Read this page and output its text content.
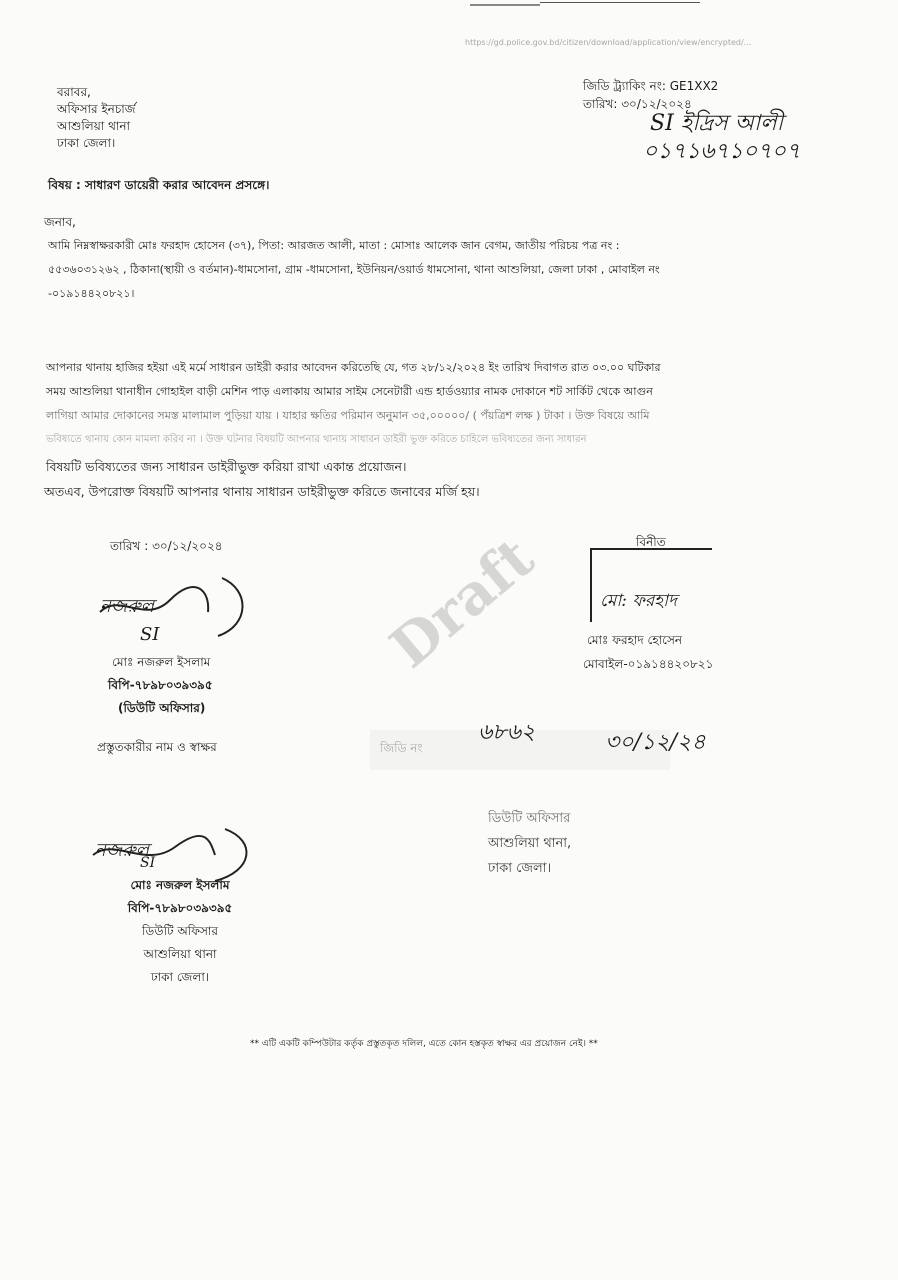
https://gd.police.gov.bd/citizen/download/application/view/encrypted/...
জিডি ট্র্যাকিং নং: GE1XX2
তারিখ: ৩০/১২/২০২৪
SI ইদ্রিস আলী
০১৭১৬৭১০৭০৭
বরাবর,
অফিসার ইনচার্জ
আশুলিয়া থানা
ঢাকা জেলা।
বিষয় : সাধারণ ডায়েরী করার আবেদন প্রসঙ্গে।
জনাব,
আমি নিম্নস্বাক্ষরকারী মোঃ ফরহাদ হোসেন (৩৭), পিতা: আরজত আলী, মাতা : মোসাঃ আলেক জান বেগম, জাতীয় পরিচয় পত্র নং :
৫৫৩৬০৩১২৬২ , ঠিকানা(স্থায়ী ও বর্তমান)-ধামসোনা, গ্রাম -ধামসোনা, ইউনিয়ন/ওয়ার্ড ধামসোনা, থানা আশুলিয়া, জেলা ঢাকা , মোবাইল নং
-০১৯১৪৪২০৮২১।
আপনার থানায় হাজির হইয়া এই মর্মে সাধারন ডাইরী করার আবেদন করিতেছি যে, গত ২৮/১২/২০২৪ ইং তারিখ দিবাগত রাত ০৩.০০ ঘটিকার
সময় আশুলিয়া থানাধীন গোহাইল বাড়ী মেশিন পাড় এলাকায় আমার সাইম সেনেটারী এন্ড হার্ডওয়্যার নামক দোকানে শট সার্কিট থেকে আগুন
লাগিয়া আমার দোকানের সমস্ত মালামাল পুড়িয়া যায় । যাহার ক্ষতির পরিমান অনুমান ৩৫,০০০০০/ ( পঁয়ত্রিশ লক্ষ ) টাকা । উক্ত বিষয়ে আমি
ভবিষ্যতে থানায় কোন মামলা করিব না । উক্ত ঘটনার বিষয়টি আপনার থানায় সাধারন ডাইরী ভুক্ত করিতে চাহিলে ভবিষ্যতের জন্য সাধারন
বিষয়টি ভবিষ্যতের জন্য সাধারন ডাইরীভুক্ত করিয়া রাখা একান্ত প্রয়োজন।
অতএব, উপরোক্ত বিষয়টি আপনার থানায় সাধারন ডাইরীভুক্ত করিতে জনাবের মর্জি হয়।
তারিখ : ৩০/১২/২০২৪	বিনীত
মো: ফরহাদ
মোঃ ফরহাদ হোসেন
মোবাইল-০১৯১৪৪২০৮২১
নজরুল
SI
মোঃ নজরুল ইসলাম
বিপি-৭৮৯৮০৩৯৩৯৫
(ডিউটি অফিসার)
প্রস্তুতকারীর নাম ও স্বাক্ষর
Draft
জিডি নং
৬৮৬২	৩০/১২/২৪
ডিউটি অফিসার
আশুলিয়া থানা,
ঢাকা জেলা।
নজরুল
SI
মোঃ নজরুল ইসলাম
বিপি-৭৮৯৮০৩৯৩৯৫
ডিউটি অফিসার
আশুলিয়া থানা
ঢাকা জেলা।
** এটি একটি কম্পিউটার কর্তৃক প্রস্তুতকৃত দলিল, এতে কোন হস্তকৃত স্বাক্ষর এর প্রয়োজন নেই। **
